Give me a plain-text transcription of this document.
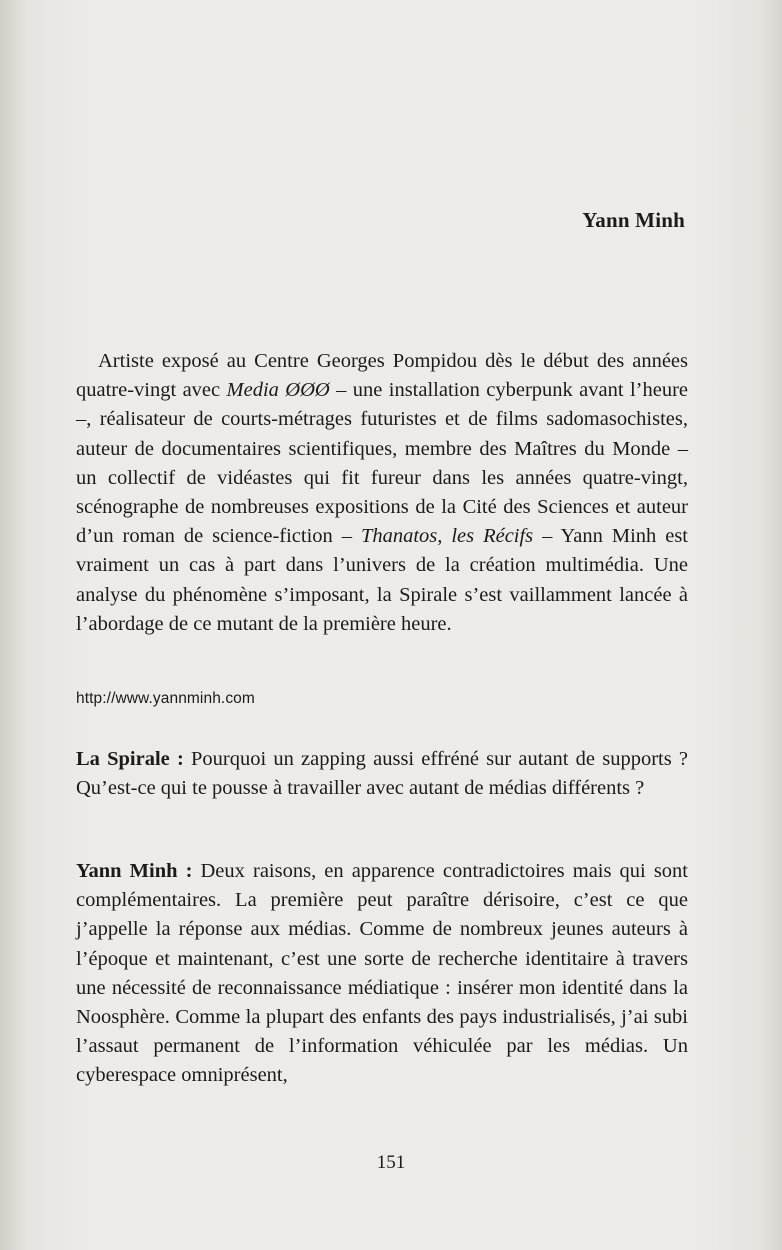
Yann Minh

Artiste exposé au Centre Georges Pompidou dès le début des années quatre-vingt avec Media ØØØ – une installation cyberpunk avant l’heure –, réalisateur de courts-métrages futuristes et de films sadomasochistes, auteur de documentaires scientifiques, membre des Maîtres du Monde – un collectif de vidéastes qui fit fureur dans les années quatre-vingt, scénographe de nombreuses expositions de la Cité des Sciences et auteur d’un roman de science-fiction – Thanatos, les Récifs – Yann Minh est vraiment un cas à part dans l’univers de la création multimédia. Une analyse du phénomène s’imposant, la Spirale s’est vaillamment lancée à l’abordage de ce mutant de la première heure.

http://www.yannminh.com

La Spirale : Pourquoi un zapping aussi effréné sur autant de supports ? Qu’est-ce qui te pousse à travailler avec autant de médias différents ?

Yann Minh : Deux raisons, en apparence contradictoires mais qui sont complémentaires. La première peut paraître dérisoire, c’est ce que j’appelle la réponse aux médias. Comme de nombreux jeunes auteurs à l’époque et maintenant, c’est une sorte de recherche identitaire à travers une nécessité de reconnaissance médiatique : insérer mon identité dans la Noosphère. Comme la plupart des enfants des pays industrialisés, j’ai subi l’assaut permanent de l’information véhiculée par les médias. Un cyberespace omniprésent,

151
